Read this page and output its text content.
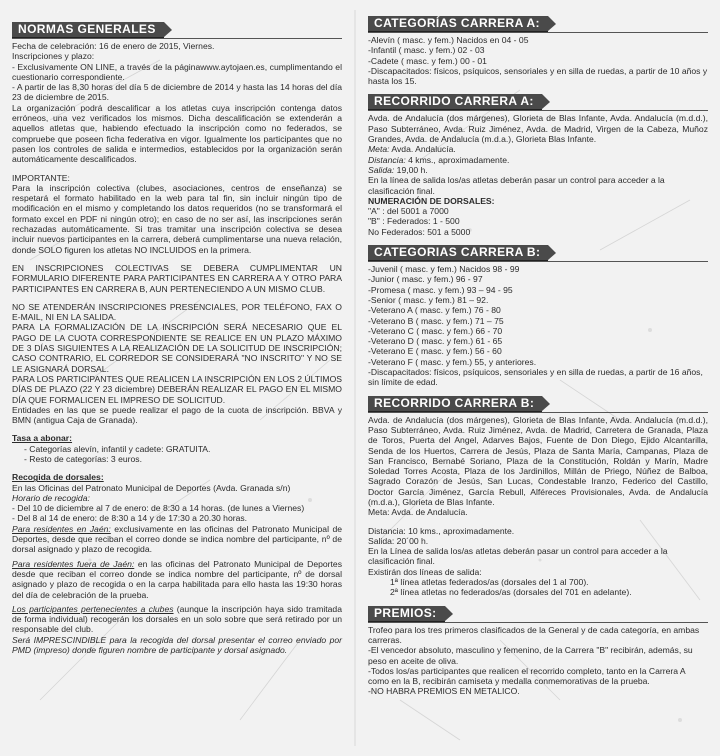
NORMAS GENERALES

Fecha de celebración: 16 de enero de 2015, Viernes.

Inscripciones y plazo:

- Exclusivamente ON LINE, a través de la páginawww.aytojaen.es, cumplimentando el cuestionario correspondiente.

- A partir de las 8,30 horas del día 5 de diciembre de 2014 y hasta las 14 horas del día 23 de diciembre de 2015.

La organización podrá descalificar a los atletas cuya inscripción contenga datos erróneos, una vez verificados los mismos. Dicha descalificación se extenderán a aquellos atletas que, habiendo efectuado la inscripción como no federados, se compruebe que poseen ficha federativa en vigor. Igualmente los participantes que no pasen los controles de salida e intermedios, establecidos por la organización serán automáticamente descalificados.

IMPORTANTE:

Para la inscripción colectiva (clubes, asociaciones, centros de enseñanza) se respetará el formato habilitado en la web para tal fin, sin incluir ningún tipo de modificación en el mismo y completando los datos requeridos (no se transformará el formato excel en PDF ni ningún otro); en caso de no ser así, las inscripciones serán rechazadas automáticamente. Si tras tramitar una inscripción colectiva se desea incluir nuevos participantes en la carrera, deberá cumplimentarse una nueva relación, donde SOLO figuren los atletas NO INCLUIDOS en la primera.

EN INSCRIPCIONES COLECTIVAS SE DEBERA CUMPLIMENTAR UN FORMULARIO DIFERENTE PARA PARTICIPANTES EN CARRERA A Y OTRO PARA PARTICIPANTES EN CARRERA B, AUN PERTENECIENDO A UN MISMO CLUB.

NO SE ATENDERÁN INSCRIPCIONES PRESENCIALES, POR TELÉFONO, FAX O E-MAIL, NI EN LA SALIDA.

PARA LA FORMALIZACIÓN DE LA INSCRIPCIÓN SERÁ NECESARIO QUE EL PAGO DE LA CUOTA CORRESPONDIENTE SE REALICE EN UN PLAZO MÁXIMO DE 3 DÍAS SIGUIENTES A LA REALIZACIÓN DE LA SOLICITUD DE INSCRIPCIÓN; CASO CONTRARIO, EL CORREDOR SE CONSIDERARÁ "NO INSCRITO" Y NO SE LE ASIGNARÁ DORSAL.

PARA LOS PARTICIPANTES QUE REALICEN LA INSCRIPCIÓN EN LOS 2 ÚLTIMOS DÍAS DE PLAZO (22 Y 23 diciembre) DEBERÁN REALIZAR EL PAGO EN EL MISMO DÍA QUE FORMALICEN EL IMPRESO DE SOLICITUD.

Entidades en las que se puede realizar el pago de la cuota de inscripción. BBVA y BMN (antigua Caja de Granada).

Tasa a abonar:

- Categorías alevín, infantil y cadete: GRATUITA.

- Resto de categorías: 3 euros.

Recogida de dorsales:

En las Oficinas del Patronato Municipal de Deportes (Avda. Granada s/n)

Horario de recogida:

- Del 10 de diciembre al 7 de enero: de 8:30 a 14 horas. (de lunes a Viernes)

- Del 8 al 14 de enero: de 8:30 a 14 y de 17:30 a 20.30 horas.

Para residentes en Jaén: exclusivamente en las oficinas del Patronato Municipal de Deportes, desde que reciban el correo donde se indica nombre del participante, nº de dorsal asignado y plazo de recogida.

Para residentes fuera de Jaén: en las oficinas del Patronato Municipal de Deportes desde que reciban el correo donde se indica nombre del participante, nº de dorsal asignado y plazo de recogida o en la carpa habilitada para ello hasta las 19:30 horas del día de celebración de la prueba.

Los participantes pertenecientes a clubes (aunque la inscripción haya sido tramitada de forma individual) recogerán los dorsales en un solo sobre que será retirado por un responsable del club.

Será IMPRESCINDIBLE para la recogida del dorsal presentar el correo enviado por PMD (impreso) donde figuren nombre de participante y dorsal asignado.

CATEGORÍAS CARRERA A:
-Alevín ( masc. y fem.) Nacidos en 04 - 05
-Infantil ( masc. y fem.) 02 - 03
-Cadete ( masc. y fem.) 00 - 01
-Discapacitados: físicos, psíquicos, sensoriales y en silla de ruedas, a partir de 10 años y hasta los 15.
RECORRIDO CARRERA A:

Avda. de Andalucía (dos márgenes), Glorieta de Blas Infante, Avda. Andalucía (m.d.d.), Paso Subterráneo, Avda. Ruiz Jiménez, Avda. de Madrid, Virgen de la Cabeza, Muñoz Grandes, Avda. de Andalucía (m.d.a.), Glorieta Blas Infante.

Meta: Avda. Andalucía.

Distancia: 4 kms., aproximadamente.

Salida: 19,00 h.

En la línea de salida los/as atletas deberán pasar un control para acceder a la clasificación final.

NUMERACIÓN DE DORSALES:

"A" : del 5001 a 7000

"B" : Federados: 1 - 500

No Federados: 501 a 5000

CATEGORIAS CARRERA B:
-Juvenil ( masc. y fem.) Nacidos 98 - 99
-Junior ( masc. y fem.) 96 - 97
-Promesa ( masc. y fem.) 93 – 94 - 95
-Senior ( masc. y fem.) 81 – 92.
-Veterano A ( masc. y fem.) 76 - 80
-Veterano B ( masc. y fem.) 71 – 75
-Veterano C ( masc. y fem.) 66 - 70
-Veterano D ( masc. y fem.) 61 - 65
-Veterano E ( masc. y fem.) 56 - 60
-Veterano F ( masc. y fem.) 55, y anteriores.
-Discapacitados: físicos, psíquicos, sensoriales y en silla de ruedas, a partir de 16 años, sin límite de edad.
RECORRIDO CARRERA B:

Avda. de Andalucía (dos márgenes), Glorieta de Blas Infante, Avda. Andalucía (m.d.d.), Paso Subterráneo, Avda. Ruiz Jiménez, Avda. de Madrid, Carretera de Granada, Plaza de Toros, Puerta del Angel, Adarves Bajos, Fuente de Don Diego, Ejido Alcantarilla, Senda de los Huertos, Carrera de Jesús, Plaza de Santa María, Campanas, Plaza de San Francisco, Bernabé Soriano, Plaza de la Constitución, Roldán y Marín, Madre Soledad Torres Acosta, Plaza de los Jardinillos, Millán de Priego, Núñez de Balboa, Sagrado Corazón de Jesús, San Lucas, Condestable Iranzo, Federico del Castillo, Doctor García Jiménez, García Rebull, Alféreces Provisionales, Avda. de Andalucía (m.d.a.), Glorieta de Blas Infante.

Meta: Avda. de Andalucía.

Distancia: 10 kms., aproximadamente.

Salida: 20´00 h.

En la Línea de salida los/as atletas deberán pasar un control para acceder a la clasificación final.

Existirán dos líneas de salida:

1ª línea atletas federados/as (dorsales del 1 al 700).

2ª línea atletas no federados/as (dorsales del 701 en adelante).

PREMIOS:

Trofeo para los tres primeros clasificados de la General y de cada categoría, en ambas carreras.

-El vencedor absoluto, masculino y femenino, de la Carrera "B" recibirán, además, su peso en aceite de oliva.

-Todos los/as participantes que realicen el recorrido completo, tanto en la Carrera A como en la B, recibirán camiseta y medalla conmemorativas de la prueba.

-NO HABRA PREMIOS EN METALICO.
